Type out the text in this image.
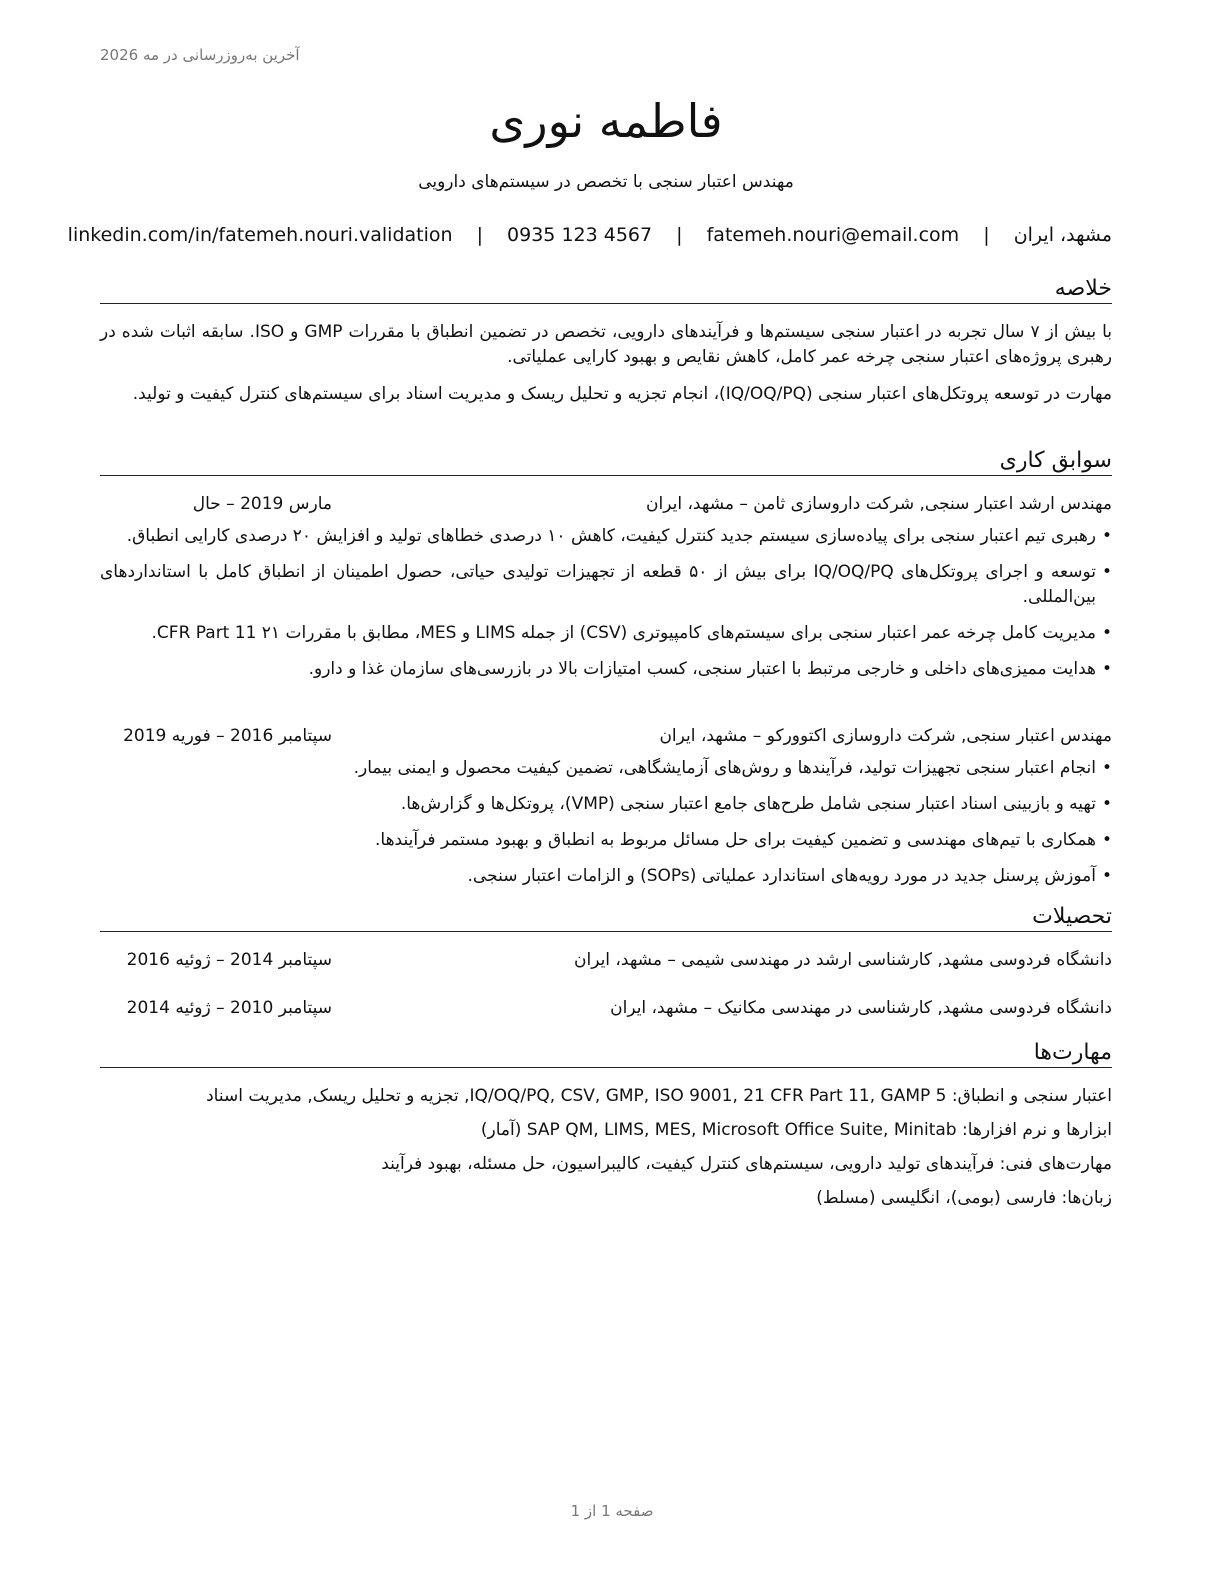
آخرین به‌روزرسانی در مه 2026
فاطمه نوری
مهندس اعتبار سنجی با تخصص در سیستم‌های دارویی
مشهد، ایران | fatemeh.nouri@email.com | 0935 123 4567 | linkedin.com/in/fatemeh.nouri.validation
خلاصه
با بیش از ۷ سال تجربه در اعتبار سنجی سیستم‌ها و فرآیندهای دارویی، تخصص در تضمین انطباق با مقررات GMP و ISO. سابقه اثبات شده در رهبری پروژه‌های اعتبار سنجی چرخه عمر کامل، کاهش نقایص و بهبود کارایی عملیاتی.
مهارت در توسعه پروتکل‌های اعتبار سنجی (IQ/OQ/PQ)، انجام تجزیه و تحلیل ریسک و مدیریت اسناد برای سیستم‌های کنترل کیفیت و تولید.
سوابق کاری
مهندس ارشد اعتبار سنجی, شرکت داروسازی ثامن – مشهد، ایران
مارس 2019 – حال
• رهبری تیم اعتبار سنجی برای پیاده‌سازی سیستم جدید کنترل کیفیت، کاهش ۱۰ درصدی خطاهای تولید و افزایش ۲۰ درصدی کارایی انطباق.
• توسعه و اجرای پروتکل‌های IQ/OQ/PQ برای بیش از ۵۰ قطعه از تجهیزات تولیدی حیاتی، حصول اطمینان از انطباق کامل با استانداردهای بین‌المللی.
• مدیریت کامل چرخه عمر اعتبار سنجی برای سیستم‌های کامپیوتری (CSV) از جمله LIMS و MES، مطابق با مقررات ۲۱ CFR Part 11.
• هدایت ممیزی‌های داخلی و خارجی مرتبط با اعتبار سنجی، کسب امتیازات بالا در بازرسی‌های سازمان غذا و دارو.
مهندس اعتبار سنجی, شرکت داروسازی اکتوورکو – مشهد، ایران
سپتامبر 2016 – فوریه 2019
• انجام اعتبار سنجی تجهیزات تولید، فرآیندها و روش‌های آزمایشگاهی، تضمین کیفیت محصول و ایمنی بیمار.
• تهیه و بازبینی اسناد اعتبار سنجی شامل طرح‌های جامع اعتبار سنجی (VMP)، پروتکل‌ها و گزارش‌ها.
• همکاری با تیم‌های مهندسی و تضمین کیفیت برای حل مسائل مربوط به انطباق و بهبود مستمر فرآیندها.
• آموزش پرسنل جدید در مورد رویه‌های استاندارد عملیاتی (SOPs) و الزامات اعتبار سنجی.
تحصیلات
دانشگاه فردوسی مشهد, کارشناسی ارشد در مهندسی شیمی – مشهد، ایران
سپتامبر 2014 – ژوئیه 2016
دانشگاه فردوسی مشهد, کارشناسی در مهندسی مکانیک – مشهد، ایران
سپتامبر 2010 – ژوئیه 2014
مهارت‌ها
اعتبار سنجی و انطباق: IQ/OQ/PQ, CSV, GMP, ISO 9001, 21 CFR Part 11, GAMP 5, تجزیه و تحلیل ریسک, مدیریت اسناد
ابزارها و نرم افزارها: SAP QM, LIMS, MES, Microsoft Office Suite, Minitab (آمار)
مهارت‌های فنی: فرآیندهای تولید دارویی، سیستم‌های کنترل کیفیت، کالیبراسیون، حل مسئله، بهبود فرآیند
زبان‌ها: فارسی (بومی)، انگلیسی (مسلط)
صفحه 1 از 1
